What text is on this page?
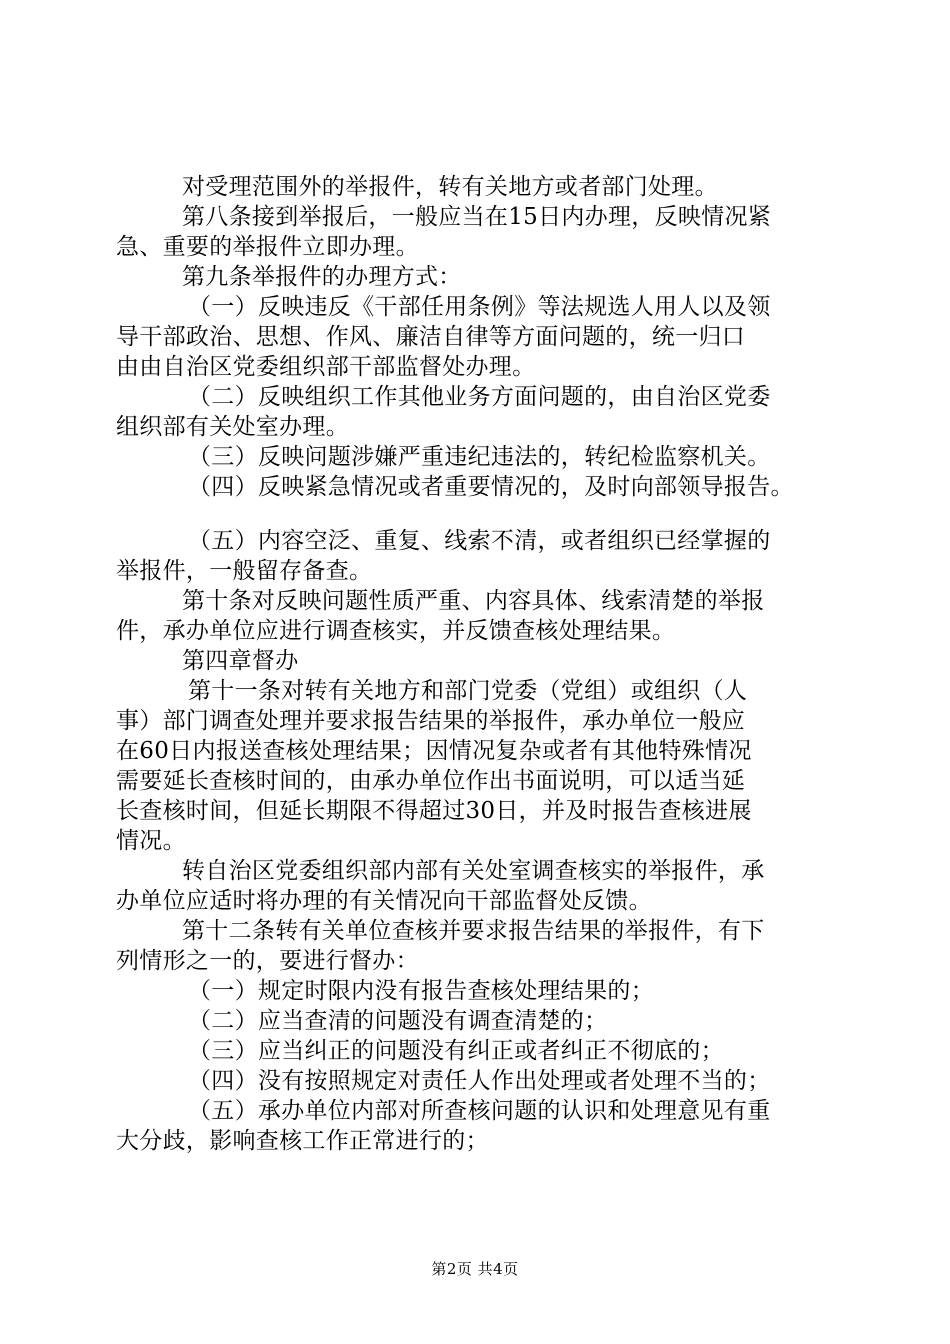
对受理范围外的举报件，转有关地方或者部门处理。
第八条接到举报后，一般应当在15日内办理，反映情况紧
急、重要的举报件立即办理。
第九条举报件的办理方式：
（一）反映违反《干部任用条例》等法规选人用人以及领
导干部政治、思想、作风、廉洁自律等方面问题的，统一归口
由由自治区党委组织部干部监督处办理。
（二）反映组织工作其他业务方面问题的，由自治区党委
组织部有关处室办理。
（三）反映问题涉嫌严重违纪违法的，转纪检监察机关。
（四）反映紧急情况或者重要情况的，及时向部领导报告。
（五）内容空泛、重复、线索不清，或者组织已经掌握的
举报件，一般留存备查。
第十条对反映问题性质严重、内容具体、线索清楚的举报
件，承办单位应进行调查核实，并反馈查核处理结果。
第四章督办
第十一条对转有关地方和部门党委（党组）或组织（人
事）部门调查处理并要求报告结果的举报件，承办单位一般应
在60日内报送查核处理结果；因情况复杂或者有其他特殊情况
需要延长查核时间的，由承办单位作出书面说明，可以适当延
长查核时间，但延长期限不得超过30日，并及时报告查核进展
情况。
转自治区党委组织部内部有关处室调查核实的举报件，承
办单位应适时将办理的有关情况向干部监督处反馈。
第十二条转有关单位查核并要求报告结果的举报件，有下
列情形之一的，要进行督办：
（一）规定时限内没有报告查核处理结果的；
（二）应当查清的问题没有调查清楚的；
（三）应当纠正的问题没有纠正或者纠正不彻底的；
（四）没有按照规定对责任人作出处理或者处理不当的；
（五）承办单位内部对所查核问题的认识和处理意见有重
大分歧，影响查核工作正常进行的；
第2页 共4页
